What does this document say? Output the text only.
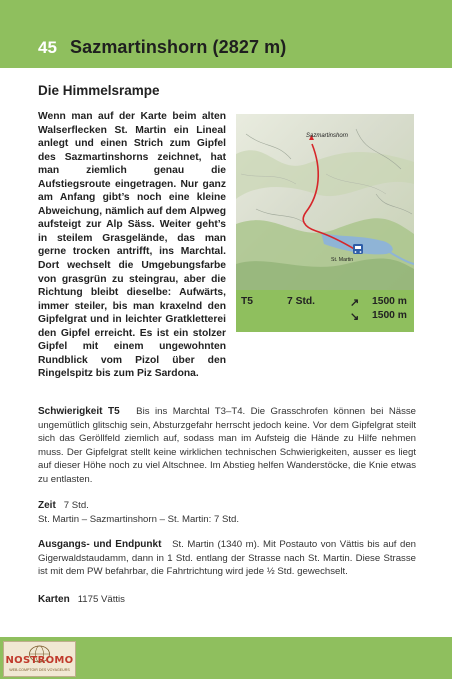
45 Sazmartinshorn (2827 m)
Die Himmelsrampe

Wenn man auf der Karte beim alten Walserflecken St. Martin ein Lineal anlegt und einen Strich zum Gipfel des Sazmartinshorns zeichnet, hat man ziemlich genau die Aufstiegsroute eingetragen. Nur ganz am Anfang gibt’s noch eine kleine Abweichung, nämlich auf dem Alpweg aufsteigt zur Alp Säss. Weiter geht’s in steilem Grasgelände, das man gerne trocken antrifft, ins Marchtal. Dort wechselt die Umgebungsfarbe von grasgrün zu steingrau, aber die Richtung bleibt dieselbe: Aufwärts, immer steiler, bis man kraxelnd den Gipfelgrat und in leichter Gratkletterei den Gipfel erreicht. Es ist ein stolzer Gipfel mit einem ungewohnten Rundblick vom Pizol über den Ringelspitz bis zum Piz Sardona.

Sazmartinshorn
St. Martin
T5	7 Std.	↗ 1500 m
↘ 1500 m

Schwierigkeit T5 Bis ins Marchtal T3–T4. Die Grasschrofen können bei Nässe ungemütlich glitschig sein, Absturzgefahr herrscht jedoch keine. Vor dem Gipfelgrat steilt sich das Geröllfeld ziemlich auf, sodass man im Aufsteig die Hände zu Hilfe nehmen muss. Der Gipfelgrat stellt keine wirklichen technischen Schwierigkeiten, ausser es liegt auf dieser Höhe noch zu viel Altschnee. Im Abstieg helfen Wanderstöcke, die Knie etwas zu entlasten.

Zeit 7 Std.
St. Martin – Sazmartinshorn – St. Martin: 7 Std.

Ausgangs- und Endpunkt St. Martin (1340 m). Mit Postauto von Vättis bis auf den Gigerwaldstaudamm, dann in 1 Std. entlang der Strasse nach St. Martin. Diese Strasse ist mit dem PW befahrbar, die Fahrtrichtung wird jede ½ Std. gewechselt.

Karten 1175 Vättis

NOSTROMO
WEB-COMPTOIR DES VOYAGEURS
